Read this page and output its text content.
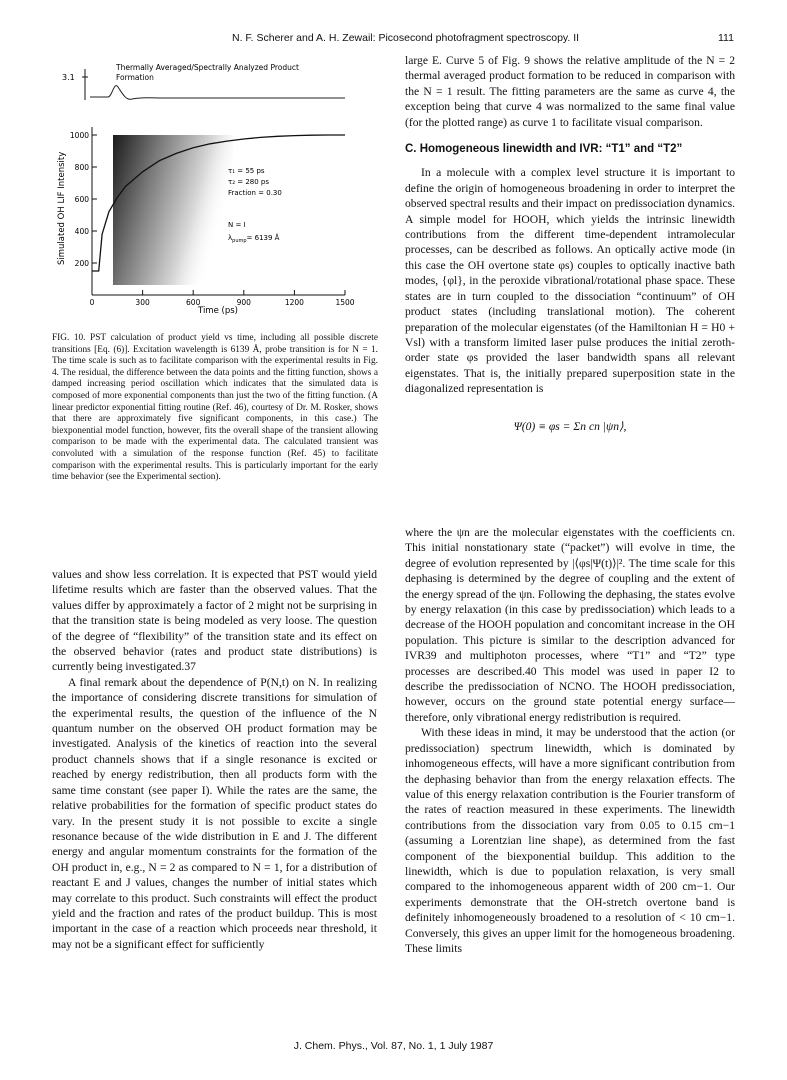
N. F. Scherer and A. H. Zewail: Picosecond photofragment spectroscopy. II	111
Thermally Averaged/Spectrally Analyzed Product
Formation
3.1
0	300	600	900	1200	1500
200
400
600
800
1000
Simulated OH LIF Intensity
Time (ps)
τ₁ = 55 ps
τ₂ = 280 ps
Fraction = 0.30
N = I
$\lambda_{pump}= 6139$ Å
FIG. 10. PST calculation of product yield vs time, including all possible discrete transitions [Eq. (6)]. Excitation wavelength is 6139 Å, probe transition is for N = 1. The time scale is such as to facilitate comparison with the experimental results in Fig. 4. The residual, the difference between the data points and the fitting function, shows a damped increasing period oscillation which indicates that the simulated data is composed of more exponential components than just the two of the fitting function. (A linear predictor exponential fitting routine (Ref. 46), courtesy of Dr. M. Rosker, shows that there are approximately five significant components, in this case.) The biexponential model function, however, fits the overall shape of the transient allowing comparison to be made with the experimental data. The calculated transient was convoluted with a simulation of the response function (Ref. 45) to facilitate comparison with the experimental results. This is particularly important for the early time behavior (see the Experimental section).

values and show less correlation. It is expected that PST would yield lifetime results which are faster than the observed values. That the values differ by approximately a factor of 2 might not be surprising in that the transition state is being modeled as very loose. The question of the degree of “flexibility” of the transition state and its effect on the observed behavior (rates and product state distributions) is currently being investigated.37

A final remark about the dependence of P(N,t) on N. In realizing the importance of considering discrete transitions for simulation of the experimental results, the question of the influence of the N quantum number on the observed OH product formation may be investigated. Analysis of the kinetics of reaction into the several product channels shows that if a single resonance is excited or reached by energy redistribution, then all products form with the same time constant (see paper I). While the rates are the same, the relative probabilities for the formation of specific product states do vary. In the present study it is not possible to excite a single resonance because of the wide distribution in E and J. The different energy and angular momentum constraints for the formation of the OH product in, e.g., N = 2 as compared to N = 1, for a distribution of reactant E and J values, changes the number of initial states which may correlate to this product. Such constraints will effect the product yield and the fraction and rates of the product buildup. This is most important in the case of a reaction which proceeds near threshold, it may not be a significant effect for sufficiently

large E. Curve 5 of Fig. 9 shows the relative amplitude of the N = 2 thermal averaged product formation to be reduced in comparison with the N = 1 result. The fitting parameters are the same as curve 4, the exception being that curve 4 was normalized to the same final value (for the plotted range) as curve 1 to facilitate visual comparison.

C. Homogeneous linewidth and IVR: “T1” and “T2”

In a molecule with a complex level structure it is important to define the origin of homogeneous broadening in order to interpret the observed spectral results and their impact on predissociation dynamics. A simple model for HOOH, which yields the intrinsic linewidth contributions from the different time-dependent intramolecular processes, can be described as follows. An optically active mode (in this case the OH overtone state φs) couples to optically inactive bath modes, {φl}, in the peroxide vibrational/rotational phase space. These states are in turn coupled to the dissociation “continuum” of OH product states (including translational motion). The coherent preparation of the molecular eigenstates (of the Hamiltonian H = H0 + Vsl) with a transform limited laser pulse produces the initial zeroth-order state φs provided the laser bandwidth spans all relevant eigenstates. That is, the initially prepared superposition state in the diagonalized representation is

Ψ(0) ≡ φs = Σn cn |ψn⟩,

where the ψn are the molecular eigenstates with the coefficients cn. This initial nonstationary state (“packet”) will evolve in time, the degree of evolution represented by |⟨φs|Ψ(t)⟩|². The time scale for this dephasing is determined by the degree of coupling and the extent of the energy spread of the ψn. Following the dephasing, the states evolve by energy relaxation (in this case by predissociation) which leads to a decrease of the HOOH population and concomitant increase in the OH population. This picture is similar to the description advanced for IVR39 and multiphoton processes, where “T1” and “T2” type processes are described.40 This model was used in paper I2 to describe the predissociation of NCNO. The HOOH predissociation, however, occurs on the ground state potential energy surface—therefore, only vibrational energy redistribution is required.

With these ideas in mind, it may be understood that the action (or predissociation) spectrum linewidth, which is dominated by inhomogeneous effects, will have a more significant contribution from the dephasing behavior than from the energy relaxation effects. The value of this energy relaxation contribution is the Fourier transform of the rates of reaction measured in these experiments. The linewidth contributions from the dissociation vary from 0.05 to 0.15 cm−1 (assuming a Lorentzian line shape), as determined from the fast component of the biexponential buildup. This addition to the linewidth, which is due to population relaxation, is very small compared to the inhomogeneous apparent width of 200 cm−1. Our experiments demonstrate that the OH-stretch overtone band is definitely inhomogeneously broadened to a resolution of < 10 cm−1. Conversely, this gives an upper limit for the homogeneous broadening. These limits

J. Chem. Phys., Vol. 87, No. 1, 1 July 1987
